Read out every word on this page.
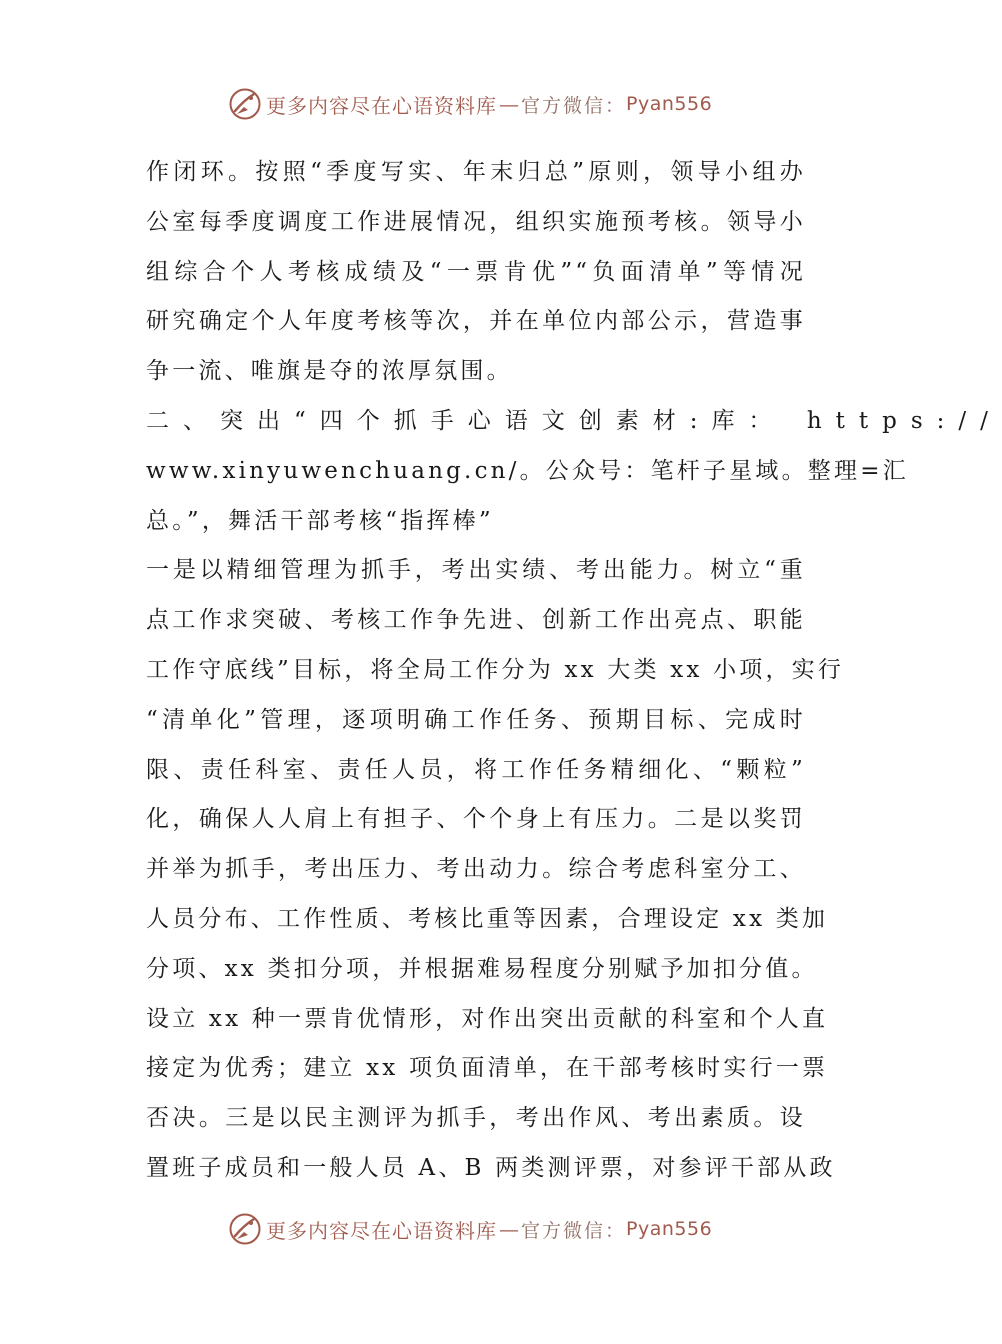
更多内容尽在心语资料库 — 官方微信： Pyan556
作闭环。按照“季度写实、年末归总”原则，领导小组办
公室每季度调度工作进展情况，组织实施预考核。领导小
组综合个人考核成绩及“一票肯优”“负面清单”等情况
研究确定个人年度考核等次，并在单位内部公示，营造事
争一流、唯旗是夺的浓厚氛围。
二、突出“四个抓手心语文创素材:库： https://
www.xinyuwenchuang.cn/。公众号：笔杆子星域。整理=汇
总。”，舞活干部考核“指挥棒”
一是以精细管理为抓手，考出实绩、考出能力。树立“重
点工作求突破、考核工作争先进、创新工作出亮点、职能
工作守底线”目标，将全局工作分为 xx 大类 xx 小项，实行
“清单化”管理，逐项明确工作任务、预期目标、完成时
限、责任科室、责任人员，将工作任务精细化、“颗粒”
化，确保人人肩上有担子、个个身上有压力。二是以奖罚
并举为抓手，考出压力、考出动力。综合考虑科室分工、
人员分布、工作性质、考核比重等因素，合理设定 xx 类加
分项、xx 类扣分项，并根据难易程度分别赋予加扣分值。
设立 xx 种一票肯优情形，对作出突出贡献的科室和个人直
接定为优秀；建立 xx 项负面清单，在干部考核时实行一票
否决。三是以民主测评为抓手，考出作风、考出素质。设
置班子成员和一般人员 A、B 两类测评票，对参评干部从政
更多内容尽在心语资料库 — 官方微信： Pyan556
